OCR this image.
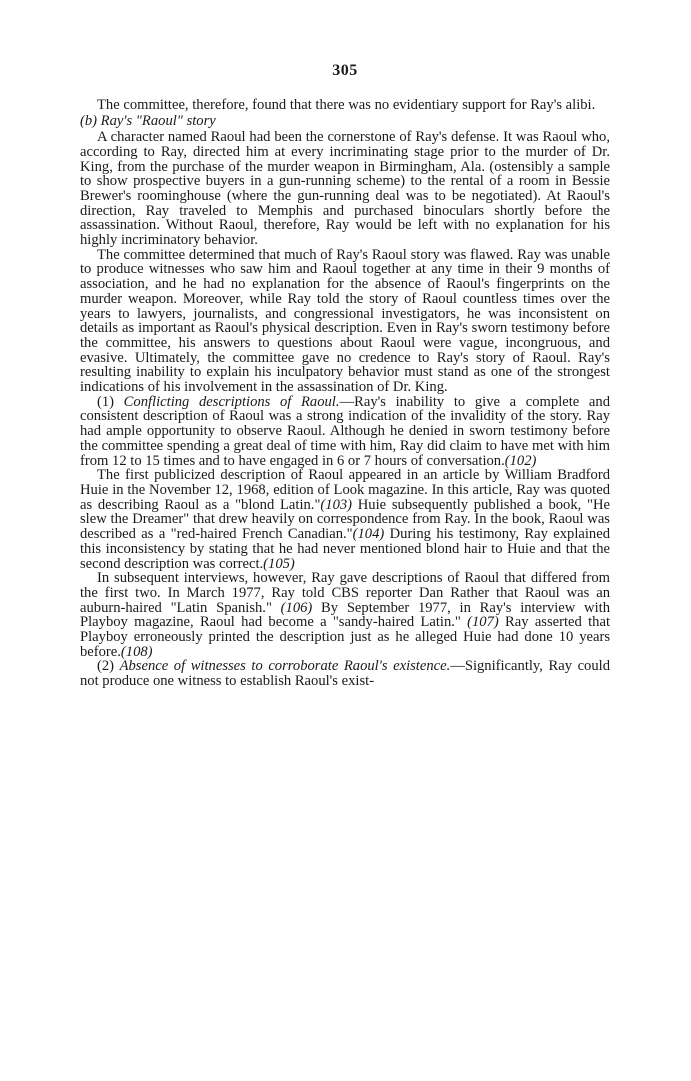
305

The committee, therefore, found that there was no evidentiary support for Ray's alibi.

(b) Ray's "Raoul" story

A character named Raoul had been the cornerstone of Ray's defense. It was Raoul who, according to Ray, directed him at every incriminating stage prior to the murder of Dr. King, from the purchase of the murder weapon in Birmingham, Ala. (ostensibly a sample to show prospective buyers in a gun-running scheme) to the rental of a room in Bessie Brewer's roominghouse (where the gun-running deal was to be negotiated). At Raoul's direction, Ray traveled to Memphis and purchased binoculars shortly before the assassination. Without Raoul, therefore, Ray would be left with no explanation for his highly incriminatory behavior.

The committee determined that much of Ray's Raoul story was flawed. Ray was unable to produce witnesses who saw him and Raoul together at any time in their 9 months of association, and he had no explanation for the absence of Raoul's fingerprints on the murder weapon. Moreover, while Ray told the story of Raoul countless times over the years to lawyers, journalists, and congressional investigators, he was inconsistent on details as important as Raoul's physical description. Even in Ray's sworn testimony before the committee, his answers to questions about Raoul were vague, incongruous, and evasive. Ultimately, the committee gave no credence to Ray's story of Raoul. Ray's resulting inability to explain his inculpatory behavior must stand as one of the strongest indications of his involvement in the assassination of Dr. King.

(1) Conflicting descriptions of Raoul.—Ray's inability to give a complete and consistent description of Raoul was a strong indication of the invalidity of the story. Ray had ample opportunity to observe Raoul. Although he denied in sworn testimony before the committee spending a great deal of time with him, Ray did claim to have met with him from 12 to 15 times and to have engaged in 6 or 7 hours of conversation.(102)

The first publicized description of Raoul appeared in an article by William Bradford Huie in the November 12, 1968, edition of Look magazine. In this article, Ray was quoted as describing Raoul as a "blond Latin."(103) Huie subsequently published a book, "He slew the Dreamer" that drew heavily on correspondence from Ray. In the book, Raoul was described as a "red-haired French Canadian."(104) During his testimony, Ray explained this inconsistency by stating that he had never mentioned blond hair to Huie and that the second description was correct.(105)

In subsequent interviews, however, Ray gave descriptions of Raoul that differed from the first two. In March 1977, Ray told CBS reporter Dan Rather that Raoul was an auburn-haired "Latin Spanish." (106) By September 1977, in Ray's interview with Playboy magazine, Raoul had become a "sandy-haired Latin." (107) Ray asserted that Playboy erroneously printed the description just as he alleged Huie had done 10 years before.(108)

(2) Absence of witnesses to corroborate Raoul's existence.—Significantly, Ray could not produce one witness to establish Raoul's exist-
